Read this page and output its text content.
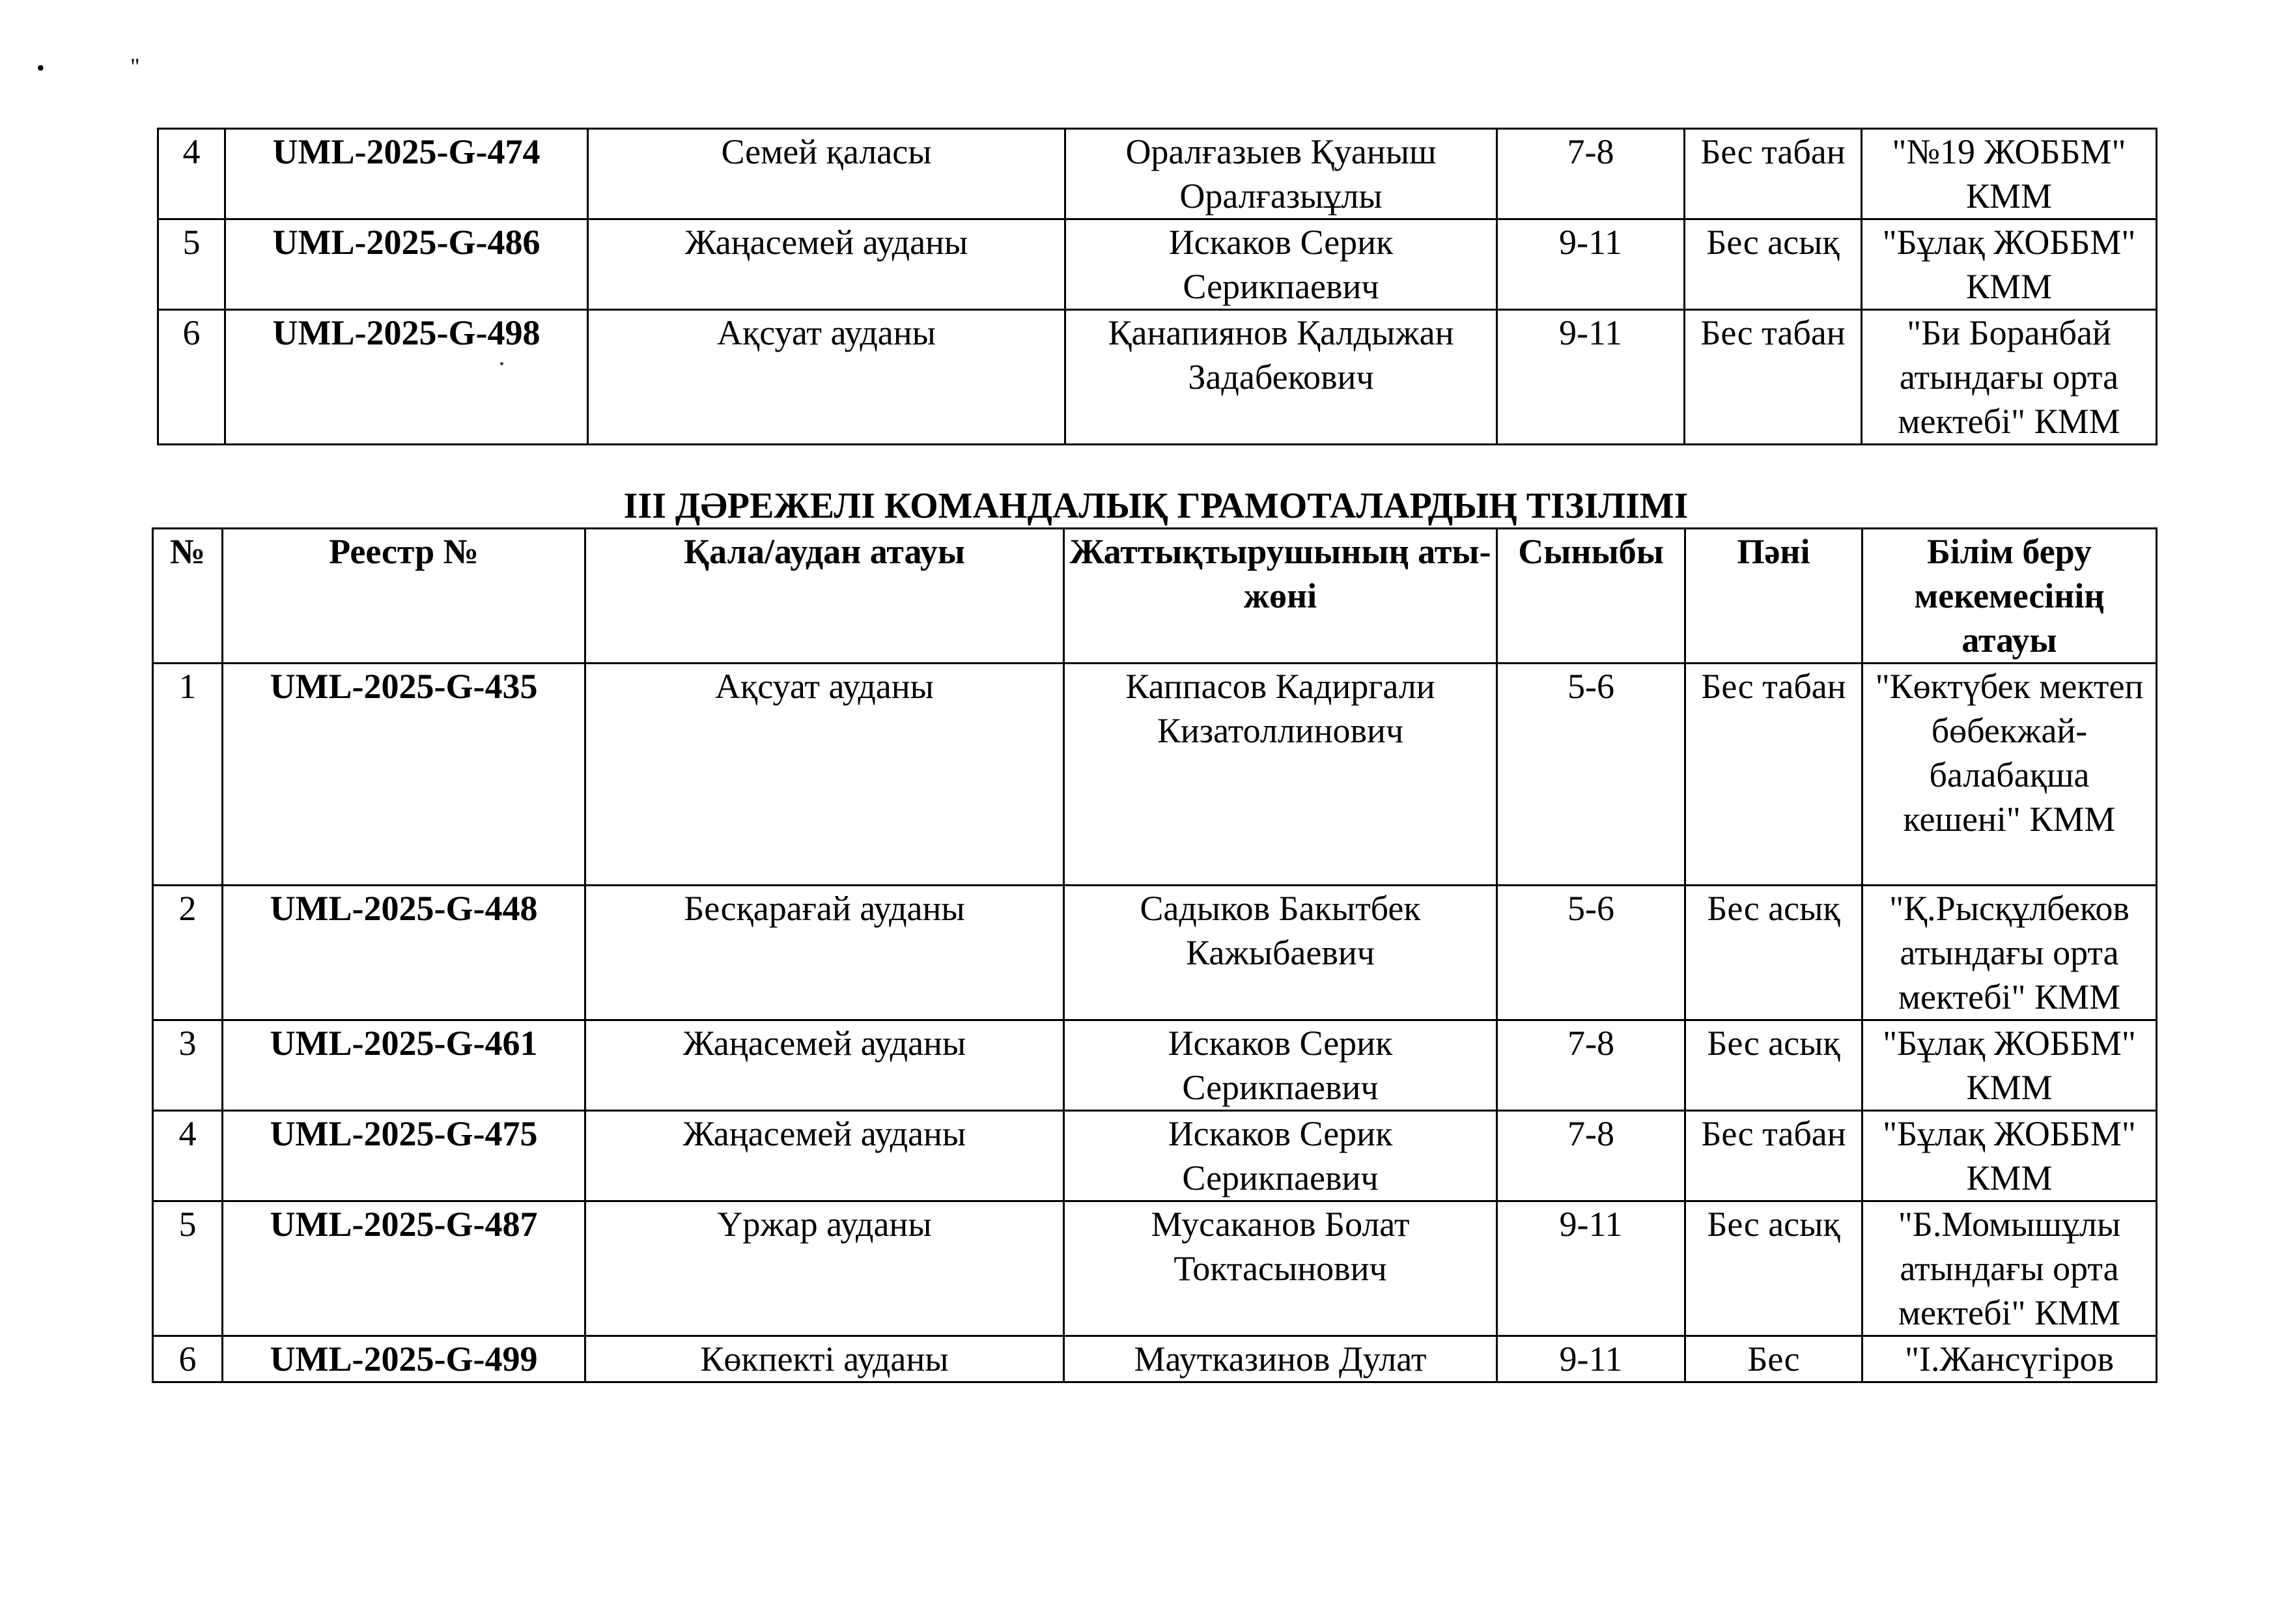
•	"
4	UML-2025-G-474	Семей қаласы	Оралғазыев Қуаныш Оралғазыұлы	7-8	Бес табан	"№19 ЖОББМ" КММ
5	UML-2025-G-486	Жаңасемей ауданы	Искаков Серик Серикпаевич	9-11	Бес асық	"Бұлақ ЖОББМ" КММ
6	UML-2025-G-498	Ақсуат ауданы	Қанапиянов Қалдыжан Задабекович	9-11	Бес табан	"Би Боранбай атындағы орта мектебі" КММ
ІІІ ДӘРЕЖЕЛІ КОМАНДАЛЫҚ ГРАМОТАЛАРДЫҢ ТІЗІЛІМІ
№	Реестр №	Қала/аудан атауы	Жаттықтырушының аты-жөні	Сыныбы	Пәні	Білім беру мекемесінің атауы
1	UML-2025-G-435	Ақсуат ауданы	Каппасов Кадиргали Кизатоллинович	5-6	Бес табан	"Көктүбек мектеп бөбекжай-балабақша кешені" КММ
2	UML-2025-G-448	Бесқарағай ауданы	Садыков Бакытбек Кажыбаевич	5-6	Бес асық	"Қ.Рысқұлбеков атындағы орта мектебі" КММ
3	UML-2025-G-461	Жаңасемей ауданы	Искаков Серик Серикпаевич	7-8	Бес асық	"Бұлақ ЖОББМ" КММ
4	UML-2025-G-475	Жаңасемей ауданы	Искаков Серик Серикпаевич	7-8	Бес табан	"Бұлақ ЖОББМ" КММ
5	UML-2025-G-487	Үржар ауданы	Мусаканов Болат Токтасынович	9-11	Бес асық	"Б.Момышұлы атындағы орта мектебі" КММ
6	UML-2025-G-499	Көкпекті ауданы	Маутказинов Дулат	9-11	Бес	"І.Жансүгіров
